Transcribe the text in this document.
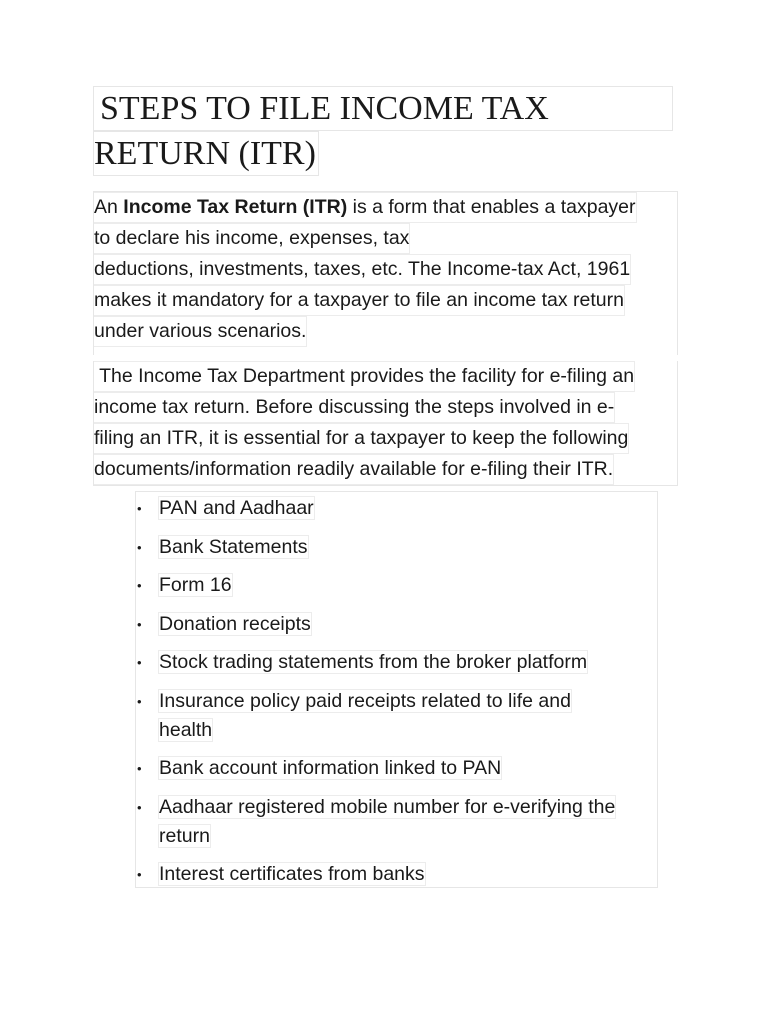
STEPS TO FILE INCOME TAX
RETURN (ITR)
An Income Tax Return (ITR) is a form that enables a taxpayer
to declare his income, expenses, tax
deductions, investments, taxes, etc. The Income-tax Act, 1961
makes it mandatory for a taxpayer to file an income tax return
under various scenarios.
The Income Tax Department provides the facility for e-filing an
income tax return. Before discussing the steps involved in e-
filing an ITR, it is essential for a taxpayer to keep the following
documents/information readily available for e-filing their ITR.
• PAN and Aadhaar
• Bank Statements
• Form 16
• Donation receipts
• Stock trading statements from the broker platform
• Insurance policy paid receipts related to life and
health
• Bank account information linked to PAN
• Aadhaar registered mobile number for e-verifying the
return
• Interest certificates from banks
